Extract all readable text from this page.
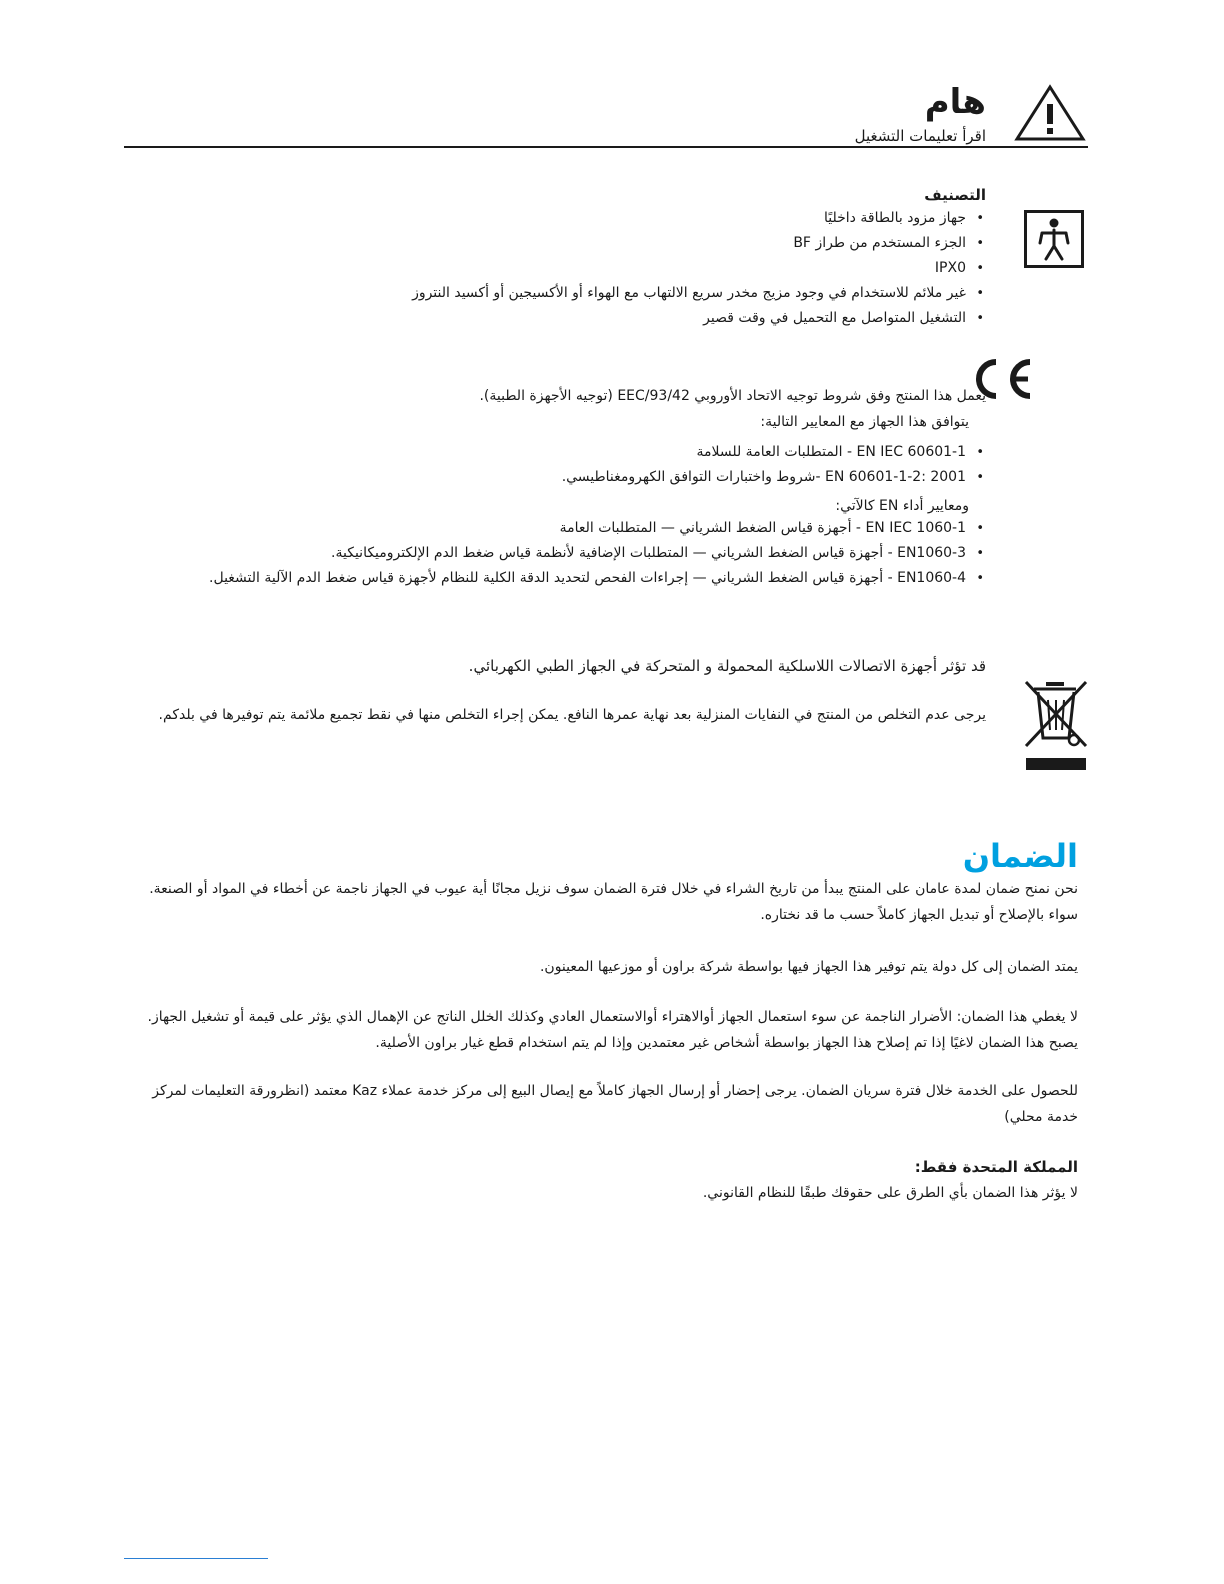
هام
اقرأ تعليمات التشغيل
التصنيف
• جهاز مزود بالطاقة داخليًا
• الجزء المستخدم من طراز BF
• IPX0
• غير ملائم للاستخدام في وجود مزيج مخدر سريع الالتهاب مع الهواء أو الأكسيجين أو أكسيد النتروز
• التشغيل المتواصل مع التحميل في وقت قصير
يعمل هذا المنتج وفق شروط توجيه الاتحاد الأوروبي EEC/93/42 (توجيه الأجهزة الطبية).
يتوافق هذا الجهاز مع المعايير التالية:
• EN IEC 60601-1 - المتطلبات العامة للسلامة
• EN 60601-1-2: 2001 -شروط واختبارات التوافق الكهرومغناطيسي.
ومعايير أداء EN كالآتي:
• EN IEC 1060-1 - أجهزة قياس الضغط الشرياني — المتطلبات العامة
• EN1060-3 - أجهزة قياس الضغط الشرياني — المتطلبات الإضافية لأنظمة قياس ضغط الدم الإلكتروميكانيكية.
• EN1060-4 - أجهزة قياس الضغط الشرياني — إجراءات الفحص لتحديد الدقة الكلية للنظام لأجهزة قياس ضغط الدم الآلية التشغيل.
قد تؤثر أجهزة الاتصالات اللاسلكية المحمولة و المتحركة في الجهاز الطبي الكهربائي.
يرجى عدم التخلص من المنتج في النفايات المنزلية بعد نهاية عمرها النافع. يمكن إجراء التخلص منها في نقط تجميع ملائمة يتم توفيرها في بلدكم.
الضمان
نحن نمنح ضمان لمدة عامان على المنتج يبدأ من تاريخ الشراء في خلال فترة الضمان سوف نزيل مجانًا أية عيوب في الجهاز ناجمة عن أخطاء في المواد أو الصنعة. سواء بالإصلاح أو تبديل الجهاز كاملاً حسب ما قد نختاره.
يمتد الضمان إلى كل دولة يتم توفير هذا الجهاز فيها بواسطة شركة براون أو موزعيها المعينون.
لا يغطي هذا الضمان: الأضرار الناجمة عن سوء استعمال الجهاز أوالاهتراء أوالاستعمال العادي وكذلك الخلل الناتج عن الإهمال الذي يؤثر على قيمة أو تشغيل الجهاز. يصبح هذا الضمان لاغيًا إذا تم إصلاح هذا الجهاز بواسطة أشخاص غير معتمدين وإذا لم يتم استخدام قطع غيار براون الأصلية.
للحصول على الخدمة خلال فترة سريان الضمان. يرجى إحضار أو إرسال الجهاز كاملاً مع إيصال البيع إلى مركز خدمة عملاء Kaz معتمد (انظرورقة التعليمات لمركز خدمة محلي)
المملكة المتحدة فقط:
لا يؤثر هذا الضمان بأي الطرق على حقوقك طبقًا للنظام القانوني.
